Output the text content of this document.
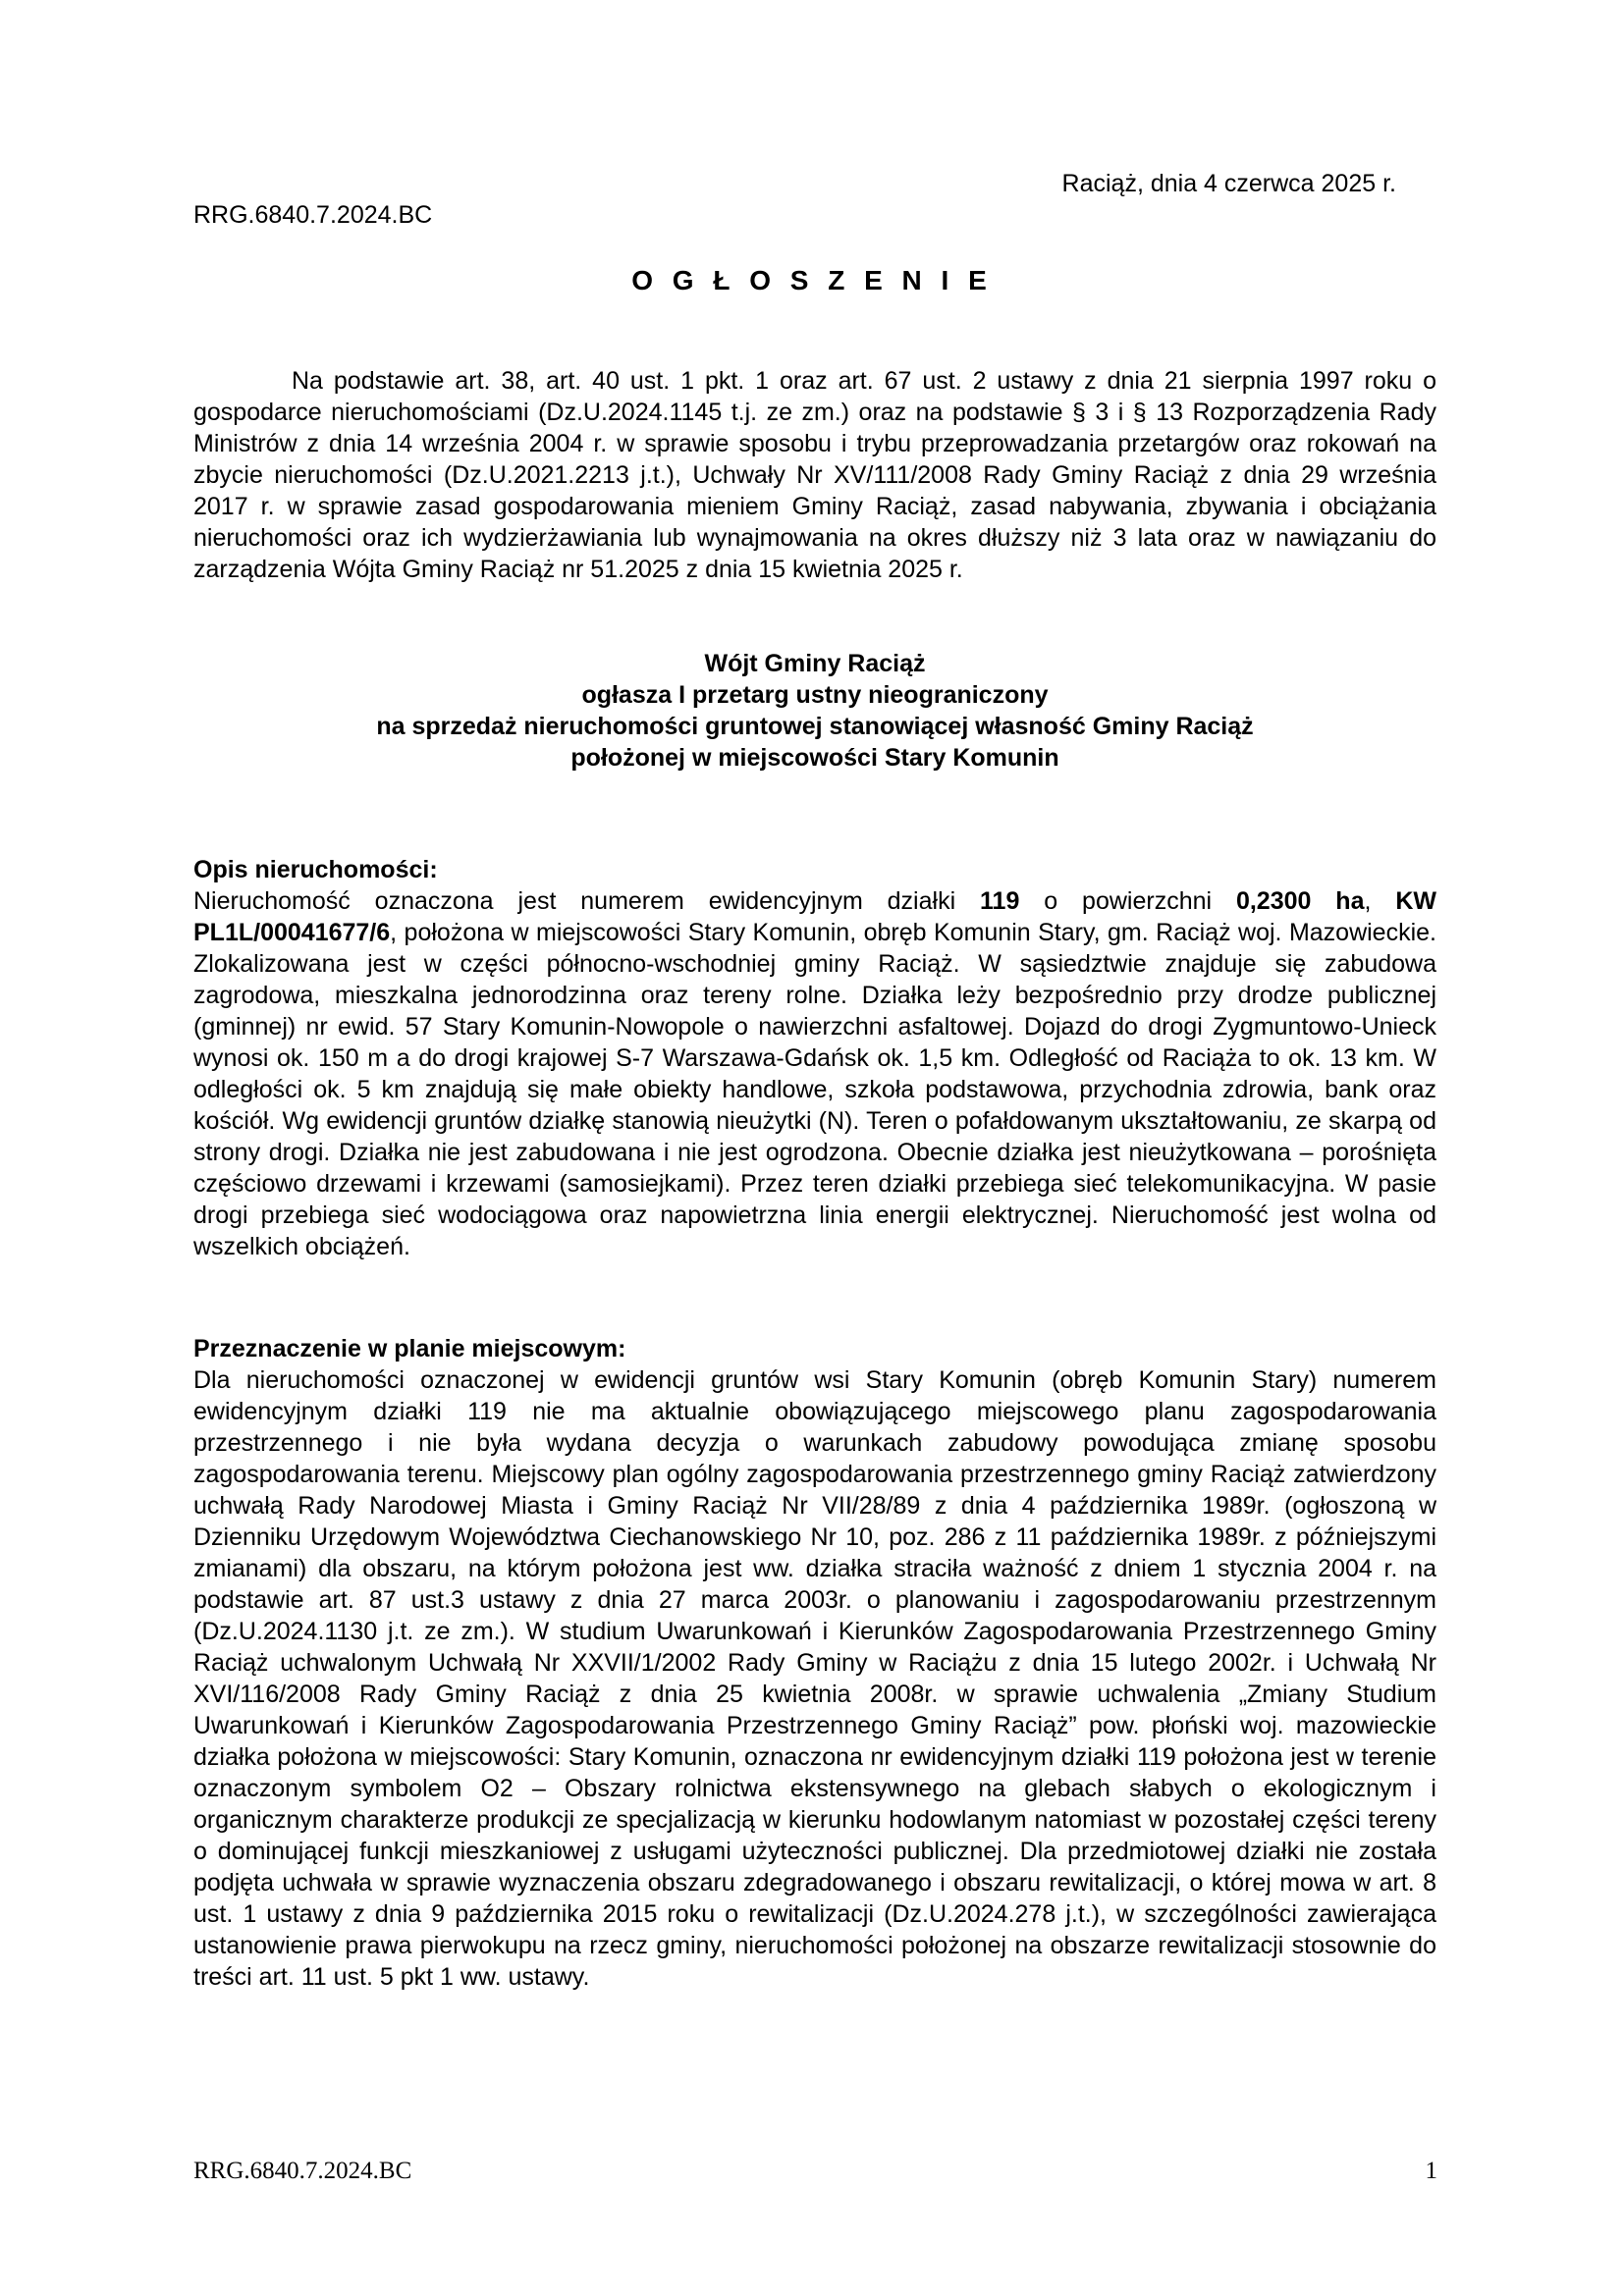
Raciąż, dnia 4 czerwca 2025 r.
RRG.6840.7.2024.BC
O G Ł O S Z E N I E

Na podstawie art. 38, art. 40 ust. 1 pkt. 1 oraz art. 67 ust. 2 ustawy z dnia 21 sierpnia 1997 roku o gospodarce nieruchomościami (Dz.U.2024.1145 t.j. ze zm.) oraz na podstawie § 3 i § 13 Rozporządzenia Rady Ministrów z dnia 14 września 2004 r. w sprawie sposobu i trybu przeprowadzania przetargów oraz rokowań na zbycie nieruchomości (Dz.U.2021.2213 j.t.), Uchwały Nr XV/111/2008 Rady Gminy Raciąż z dnia 29 września 2017 r. w sprawie zasad gospodarowania mieniem Gminy Raciąż, zasad nabywania, zbywania i obciążania nieruchomości oraz ich wydzierżawiania lub wynajmowania na okres dłuższy niż 3 lata oraz w nawiązaniu do zarządzenia Wójta Gminy Raciąż nr 51.2025 z dnia 15 kwietnia 2025 r.

Wójt Gminy Raciąż
ogłasza I przetarg ustny nieograniczony
na sprzedaż nieruchomości gruntowej stanowiącej własność Gminy Raciąż
położonej w miejscowości Stary Komunin
Opis nieruchomości:

Nieruchomość oznaczona jest numerem ewidencyjnym działki 119 o powierzchni 0,2300 ha, KW PL1L/00041677/6, położona w miejscowości Stary Komunin, obręb Komunin Stary, gm. Raciąż woj. Mazowieckie. Zlokalizowana jest w części północno-wschodniej gminy Raciąż. W sąsiedztwie znajduje się zabudowa zagrodowa, mieszkalna jednorodzinna oraz tereny rolne. Działka leży bezpośrednio przy drodze publicznej (gminnej) nr ewid. 57 Stary Komunin-Nowopole o nawierzchni asfaltowej. Dojazd do drogi Zygmuntowo-Unieck wynosi ok. 150 m a do drogi krajowej S-7 Warszawa-Gdańsk ok. 1,5 km. Odległość od Raciąża to ok. 13 km. W odległości ok. 5 km znajdują się małe obiekty handlowe, szkoła podstawowa, przychodnia zdrowia, bank oraz kościół. Wg ewidencji gruntów działkę stanowią nieużytki (N). Teren o pofałdowanym ukształtowaniu, ze skarpą od strony drogi. Działka nie jest zabudowana i nie jest ogrodzona. Obecnie działka jest nieużytkowana – porośnięta częściowo drzewami i krzewami (samosiejkami). Przez teren działki przebiega sieć telekomunikacyjna. W pasie drogi przebiega sieć wodociągowa oraz napowietrzna linia energii elektrycznej. Nieruchomość jest wolna od wszelkich obciążeń.

Przeznaczenie w planie miejscowym:

Dla nieruchomości oznaczonej w ewidencji gruntów wsi Stary Komunin (obręb Komunin Stary) numerem ewidencyjnym działki 119 nie ma aktualnie obowiązującego miejscowego planu zagospodarowania przestrzennego i nie była wydana decyzja o warunkach zabudowy powodująca zmianę sposobu zagospodarowania terenu. Miejscowy plan ogólny zagospodarowania przestrzennego gminy Raciąż zatwierdzony uchwałą Rady Narodowej Miasta i Gminy Raciąż Nr VII/28/89 z dnia 4 października 1989r. (ogłoszoną w Dzienniku Urzędowym Województwa Ciechanowskiego Nr 10, poz. 286 z 11 października 1989r. z późniejszymi zmianami) dla obszaru, na którym położona jest ww. działka straciła ważność z dniem 1 stycznia 2004 r. na podstawie art. 87 ust.3 ustawy z dnia 27 marca 2003r. o planowaniu i zagospodarowaniu przestrzennym (Dz.U.2024.1130 j.t. ze zm.). W studium Uwarunkowań i Kierunków Zagospodarowania Przestrzennego Gminy Raciąż uchwalonym Uchwałą Nr XXVII/1/2002 Rady Gminy w Raciążu z dnia 15 lutego 2002r. i Uchwałą Nr XVI/116/2008 Rady Gminy Raciąż z dnia 25 kwietnia 2008r. w sprawie uchwalenia „Zmiany Studium Uwarunkowań i Kierunków Zagospodarowania Przestrzennego Gminy Raciąż” pow. płoński woj. mazowieckie działka położona w miejscowości: Stary Komunin, oznaczona nr ewidencyjnym działki 119 położona jest w terenie oznaczonym symbolem O2 – Obszary rolnictwa ekstensywnego na glebach słabych o ekologicznym i organicznym charakterze produkcji ze specjalizacją w kierunku hodowlanym natomiast w pozostałej części tereny o dominującej funkcji mieszkaniowej z usługami użyteczności publicznej. Dla przedmiotowej działki nie została podjęta uchwała w sprawie wyznaczenia obszaru zdegradowanego i obszaru rewitalizacji, o której mowa w art. 8 ust. 1 ustawy z dnia 9 października 2015 roku o rewitalizacji (Dz.U.2024.278 j.t.), w szczególności zawierająca ustanowienie prawa pierwokupu na rzecz gminy, nieruchomości położonej na obszarze rewitalizacji stosownie do treści art. 11 ust. 5 pkt 1 ww. ustawy.

RRG.6840.7.2024.BC	1
